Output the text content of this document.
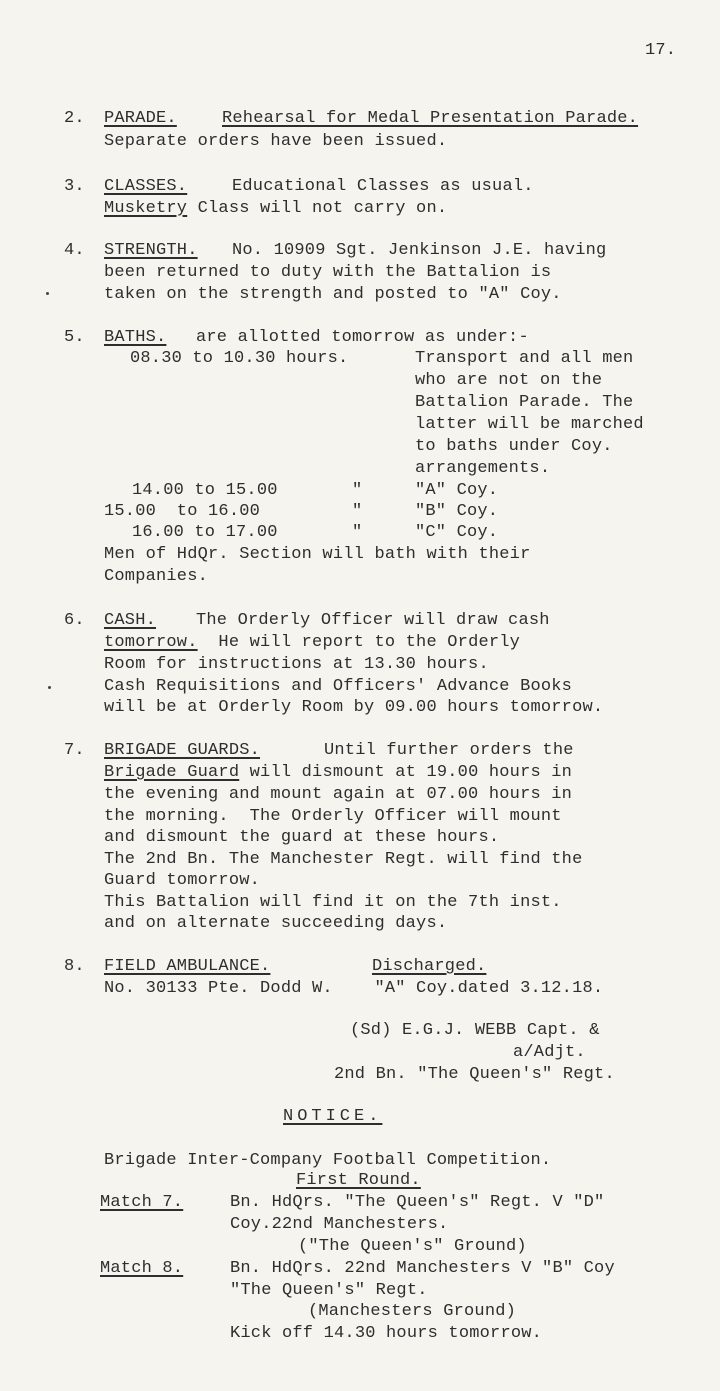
17.
2. PARADE.	Rehearsal for Medal Presentation Parade.
Separate orders have been issued.
3. CLASSES.	Educational Classes as usual.
Musketry Class will not carry on.
4. STRENGTH. No. 10909 Sgt. Jenkinson J.E. having
been returned to duty with the Battalion is
taken on the strength and posted to "A" Coy.
5. BATHS. are allotted tomorrow as under:-
08.30 to 10.30 hours.	Transport and all men
who are not on the
Battalion Parade. The
latter will be marched
to baths under Coy.
arrangements.
14.00 to 15.00	"	"A" Coy.
15.00  to 16.00	"	"B" Coy.
16.00 to 17.00	"	"C" Coy.
Men of HdQr. Section will bath with their
Companies.
6. CASH. The Orderly Officer will draw cash
tomorrow.  He will report to the Orderly
Room for instructions at 13.30 hours.
Cash Requisitions and Officers' Advance Books
will be at Orderly Room by 09.00 hours tomorrow.
7. BRIGADE GUARDS.	Until further orders the
Brigade Guard will dismount at 19.00 hours in
the evening and mount again at 07.00 hours in
the morning.  The Orderly Officer will mount
and dismount the guard at these hours.
The 2nd Bn. The Manchester Regt. will find the
Guard tomorrow.
This Battalion will find it on the 7th inst.
and on alternate succeeding days.
8. FIELD AMBULANCE.	Discharged.
No. 30133 Pte. Dodd W.    "A" Coy.dated 3.12.18.
(Sd) E.G.J. WEBB Capt. &
a/Adjt.
2nd Bn. "The Queen's" Regt.
NOTICE.
Brigade Inter-Company Football Competition.
First Round.
Match 7.	Bn. HdQrs. "The Queen's" Regt. V "D"
Coy.22nd Manchesters.
("The Queen's" Ground)
Match 8.	Bn. HdQrs. 22nd Manchesters V "B" Coy
"The Queen's" Regt.
(Manchesters Ground)
Kick off 14.30 hours tomorrow.
